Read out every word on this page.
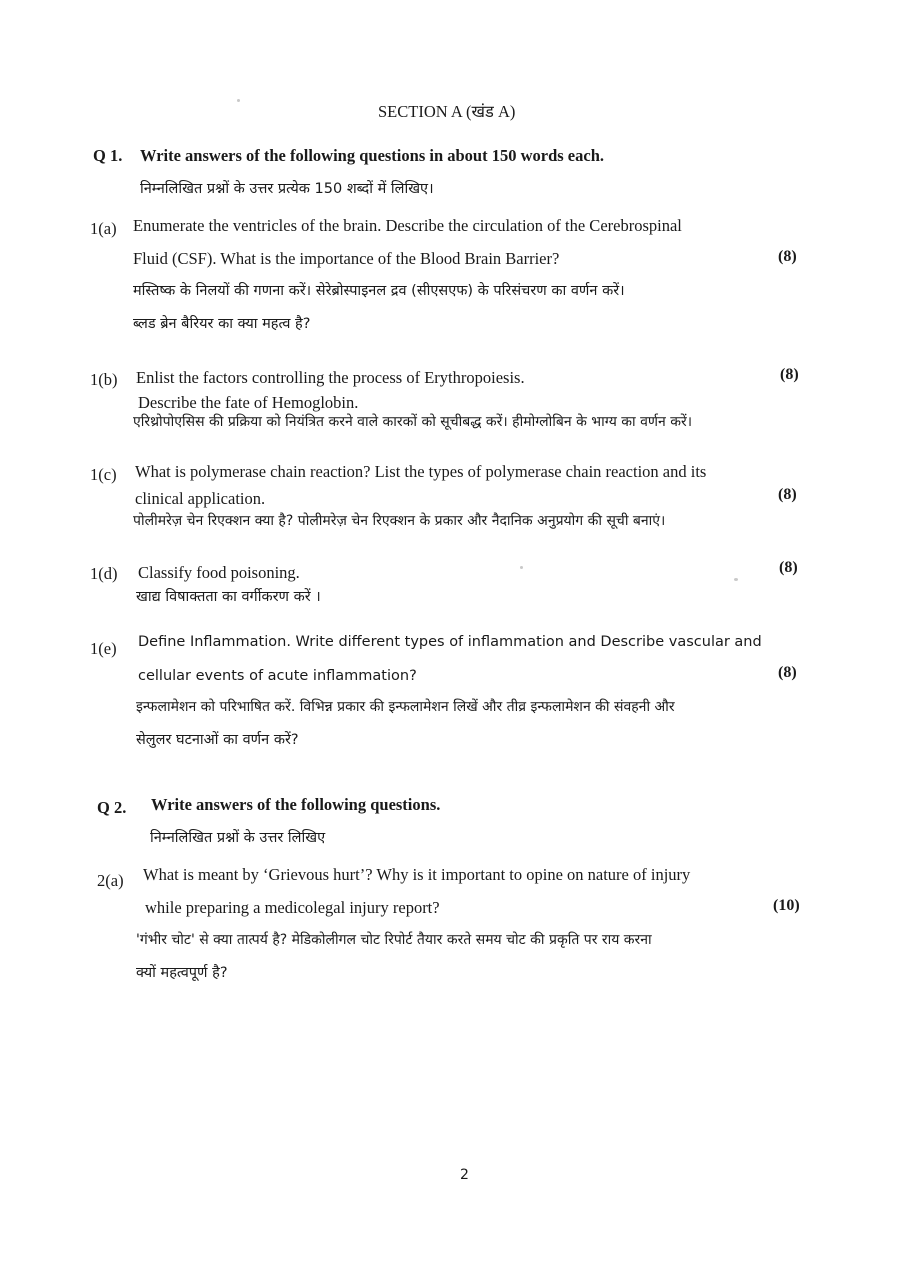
SECTION A (खंड A)
Q 1. Write answers of the following questions in about 150 words each.
निम्नलिखित प्रश्नों के उत्तर प्रत्येक 150 शब्दों में लिखिए।
1(a) Enumerate the ventricles of the brain. Describe the circulation of the Cerebrospinal
Fluid (CSF). What is the importance of the Blood Brain Barrier?	(8)
मस्तिष्क के निलयों की गणना करें। सेरेब्रोस्पाइनल द्रव (सीएसएफ) के परिसंचरण का वर्णन करें।
ब्लड ब्रेन बैरियर का क्या महत्व है?
1(b) Enlist the factors controlling the process of Erythropoiesis.	(8)
Describe the fate of Hemoglobin.
एरिथ्रोपोएसिस की प्रक्रिया को नियंत्रित करने वाले कारकों को सूचीबद्ध करें। हीमोग्लोबिन के भाग्य का वर्णन करें।
1(c) What is polymerase chain reaction? List the types of polymerase chain reaction and its
clinical application.	(8)
पोलीमरेज़ चेन रिएक्शन क्या है? पोलीमरेज़ चेन रिएक्शन के प्रकार और नैदानिक अनुप्रयोग की सूची बनाएं।
1(d) Classify food poisoning.	(8)
खाद्य विषाक्तता का वर्गीकरण करें ।
1(e) Define Inflammation. Write different types of inflammation and Describe vascular and
cellular events of acute inflammation?	(8)
इन्फलामेशन को परिभाषित करें. विभिन्न प्रकार की इन्फलामेशन लिखें और तीव्र इन्फलामेशन की संवहनी और
सेलुलर घटनाओं का वर्णन करें?
Q 2. Write answers of the following questions.
निम्नलिखित प्रश्नों के उत्तर लिखिए
2(a) What is meant by ‘Grievous hurt’? Why is it important to opine on nature of injury
while preparing a medicolegal injury report?	(10)
'गंभीर चोट' से क्या तात्पर्य है? मेडिकोलीगल चोट रिपोर्ट तैयार करते समय चोट की प्रकृति पर राय करना
क्यों महत्वपूर्ण है?
2
